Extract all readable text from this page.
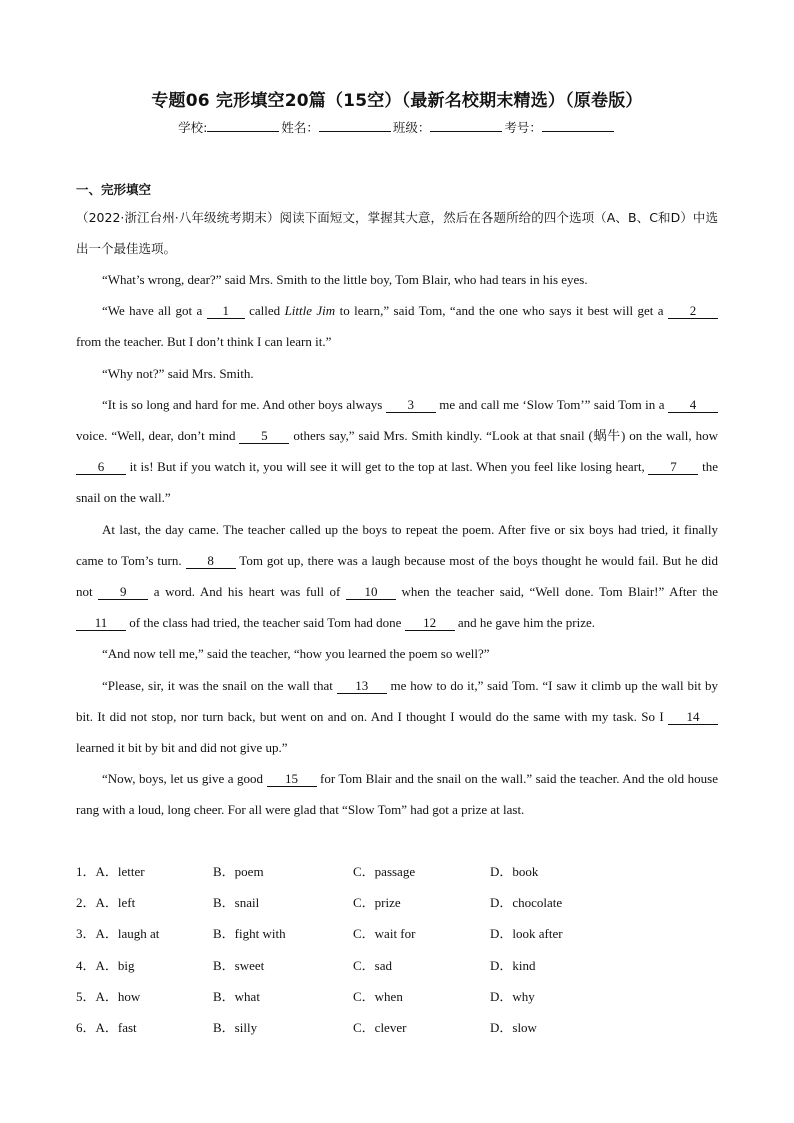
专题06 完形填空20篇（15空）（最新名校期末精选）（原卷版）
学校:	姓名：	班级：	考号：
一、完形填空
（2022·浙江台州·八年级统考期末）阅读下面短文，掌握其大意，然后在各题所给的四个选项（A、B、C和D）中选出一个最佳选项。

“What’s wrong, dear?” said Mrs. Smith to the little boy, Tom Blair, who had tears in his eyes.

“We have all got a 1 called Little Jim to learn,” said Tom, “and the one who says it best will get a 2 from the teacher. But I don’t think I can learn it.”

“Why not?” said Mrs. Smith.

“It is so long and hard for me. And other boys always 3 me and call me ‘Slow Tom’” said Tom in a 4 voice. “Well, dear, don’t mind 5 others say,” said Mrs. Smith kindly. “Look at that snail (蜗牛) on the wall, how 6 it is! But if you watch it, you will see it will get to the top at last. When you feel like losing heart, 7 the snail on the wall.”

At last, the day came. The teacher called up the boys to repeat the poem. After five or six boys had tried, it finally came to Tom’s turn. 8 Tom got up, there was a laugh because most of the boys thought he would fail. But he did not 9 a word. And his heart was full of 10 when the teacher said, “Well done. Tom Blair!” After the 11 of the class had tried, the teacher said Tom had done 12 and he gave him the prize.

“And now tell me,” said the teacher, “how you learned the poem so well?”

“Please, sir, it was the snail on the wall that 13 me how to do it,” said Tom. “I saw it climb up the wall bit by bit. It did not stop, nor turn back, but went on and on. And I thought I would do the same with my task. So I 14 learned it bit by bit and did not give up.”

“Now, boys, let us give a good 15 for Tom Blair and the snail on the wall.” said the teacher. And the old house rang with a loud, long cheer. For all were glad that “Slow Tom” had got a prize at last.

1．A．letter	B．poem	C．passage	D．book
2．A．left	B．snail	C．prize	D．chocolate
3．A．laugh at	B．fight with	C．wait for	D．look after
4．A．big	B．sweet	C．sad	D．kind
5．A．how	B．what	C．when	D．why
6．A．fast	B．silly	C．clever	D．slow
